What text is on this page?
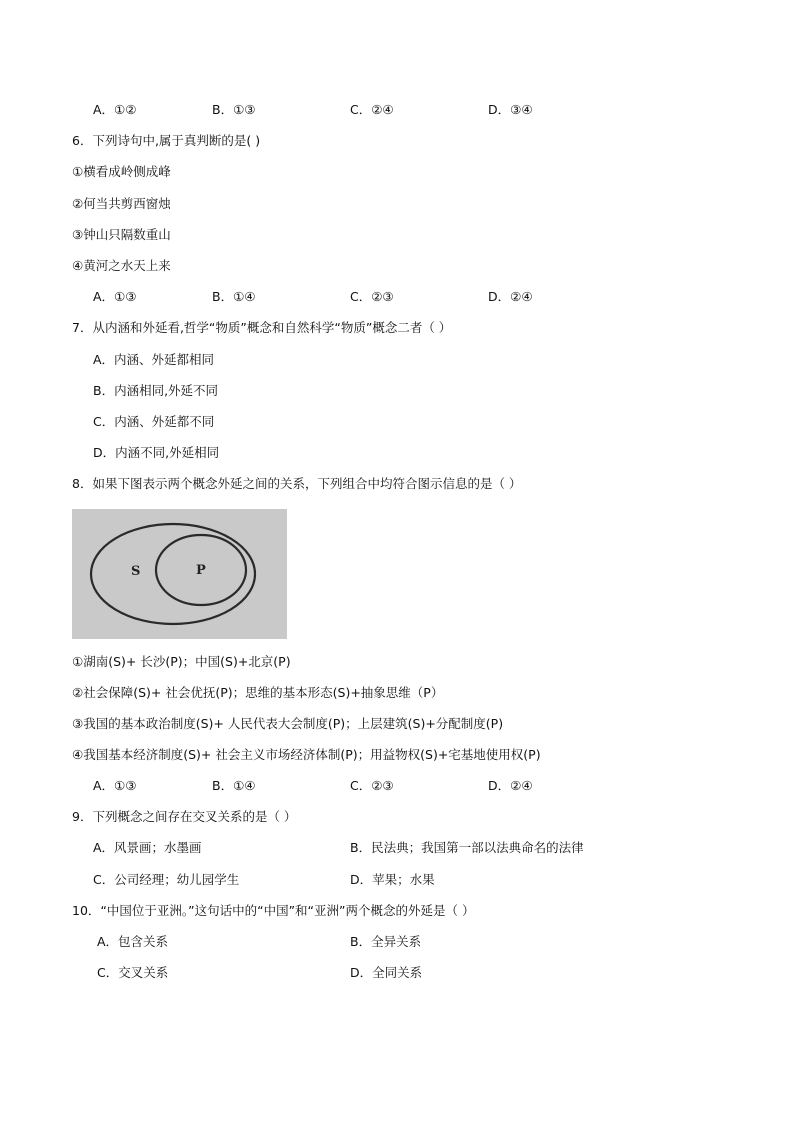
A．①②	B．①③	C．②④	D．③④
6．下列诗句中,属于真判断的是( )
①横看成岭侧成峰
②何当共剪西窗烛
③钟山只隔数重山
④黄河之水天上来
A．①③	B．①④	C．②③	D．②④
7．从内涵和外延看,哲学“物质”概念和自然科学“物质”概念二者（ ）
A．内涵、外延都相同
B．内涵相同,外延不同
C．内涵、外延都不同
D．内涵不同,外延相同
8．如果下图表示两个概念外延之间的关系，下列组合中均符合图示信息的是（ ）
S	P
①湖南(S)+ 长沙(P)；中国(S)+北京(P)
②社会保障(S)+ 社会优抚(P)；思维的基本形态(S)+抽象思维（P）
③我国的基本政治制度(S)+ 人民代表大会制度(P)；上层建筑(S)+分配制度(P)
④我国基本经济制度(S)+ 社会主义市场经济体制(P)；用益物权(S)+宅基地使用权(P)
A．①③	B．①④	C．②③	D．②④
9．下列概念之间存在交叉关系的是（ ）
A．风景画；水墨画	B．民法典；我国第一部以法典命名的法律
C．公司经理；幼儿园学生	D．苹果；水果
10．“中国位于亚洲。”这句话中的“中国”和“亚洲”两个概念的外延是（ ）
A．包含关系	B．全异关系
C．交叉关系	D．全同关系
